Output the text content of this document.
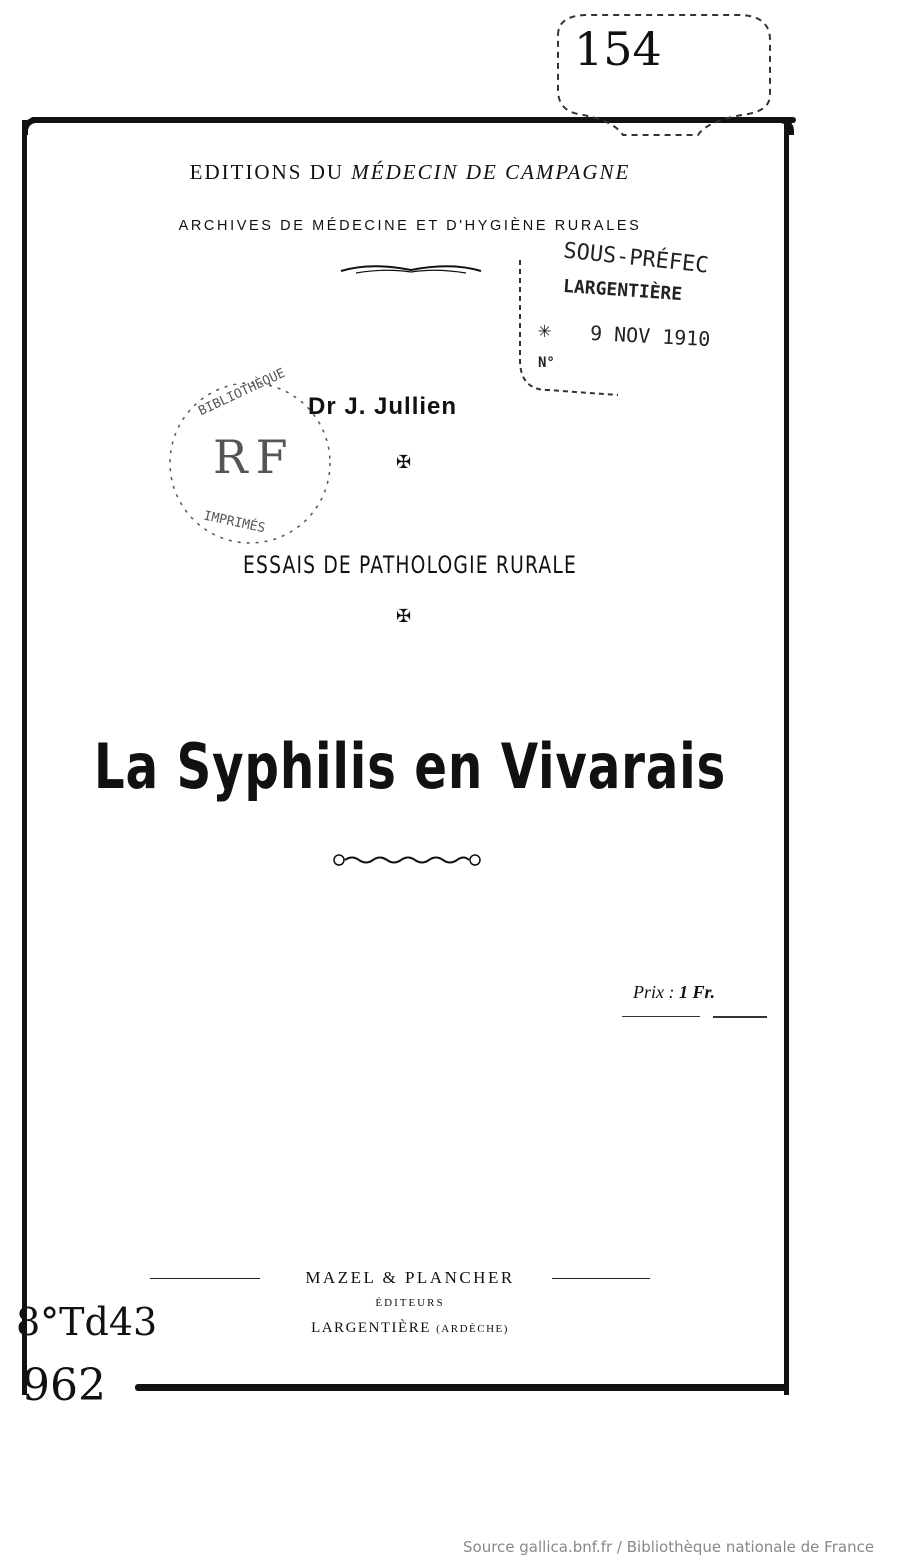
154
EDITIONS DU MÉDECIN DE CAMPAGNE
ARCHIVES DE MÉDECINE ET D'HYGIÈNE RURALES
SOUS-PRÉFEC
LARGENTIÈRE
✳ 9 NOV 1910
N°
BIBLIOTHÈQUE
RF
IMPRIMÉS
Dr J. Jullien
✠
ESSAIS DE PATHOLOGIE RURALE
✠
La Syphilis en Vivarais
Prix : 1 Fr.
MAZEL & PLANCHER
ÉDITEURS
LARGENTIÈRE (ARDÈCHE)
8°Td43
962
Source gallica.bnf.fr / Bibliothèque nationale de France
